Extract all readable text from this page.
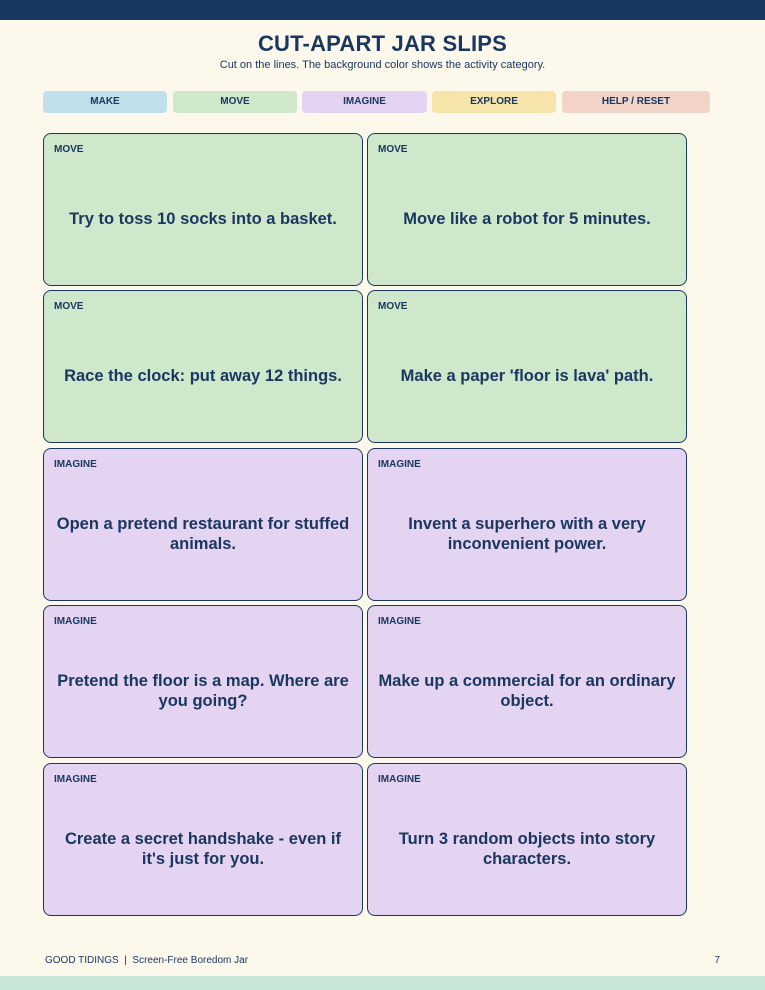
CUT-APART JAR SLIPS
Cut on the lines. The background color shows the activity category.
MAKE	MOVE	IMAGINE	EXPLORE	HELP / RESET
MOVE
Try to toss 10 socks into a basket.
MOVE
Move like a robot for 5 minutes.
MOVE
Race the clock: put away 12 things.
MOVE
Make a paper 'floor is lava' path.
IMAGINE
Open a pretend restaurant for stuffed animals.
IMAGINE
Invent a superhero with a very inconvenient power.
IMAGINE
Pretend the floor is a map. Where are you going?
IMAGINE
Make up a commercial for an ordinary object.
IMAGINE
Create a secret handshake - even if it's just for you.
IMAGINE
Turn 3 random objects into story characters.
GOOD TIDINGS  |  Screen-Free Boredom Jar	7
